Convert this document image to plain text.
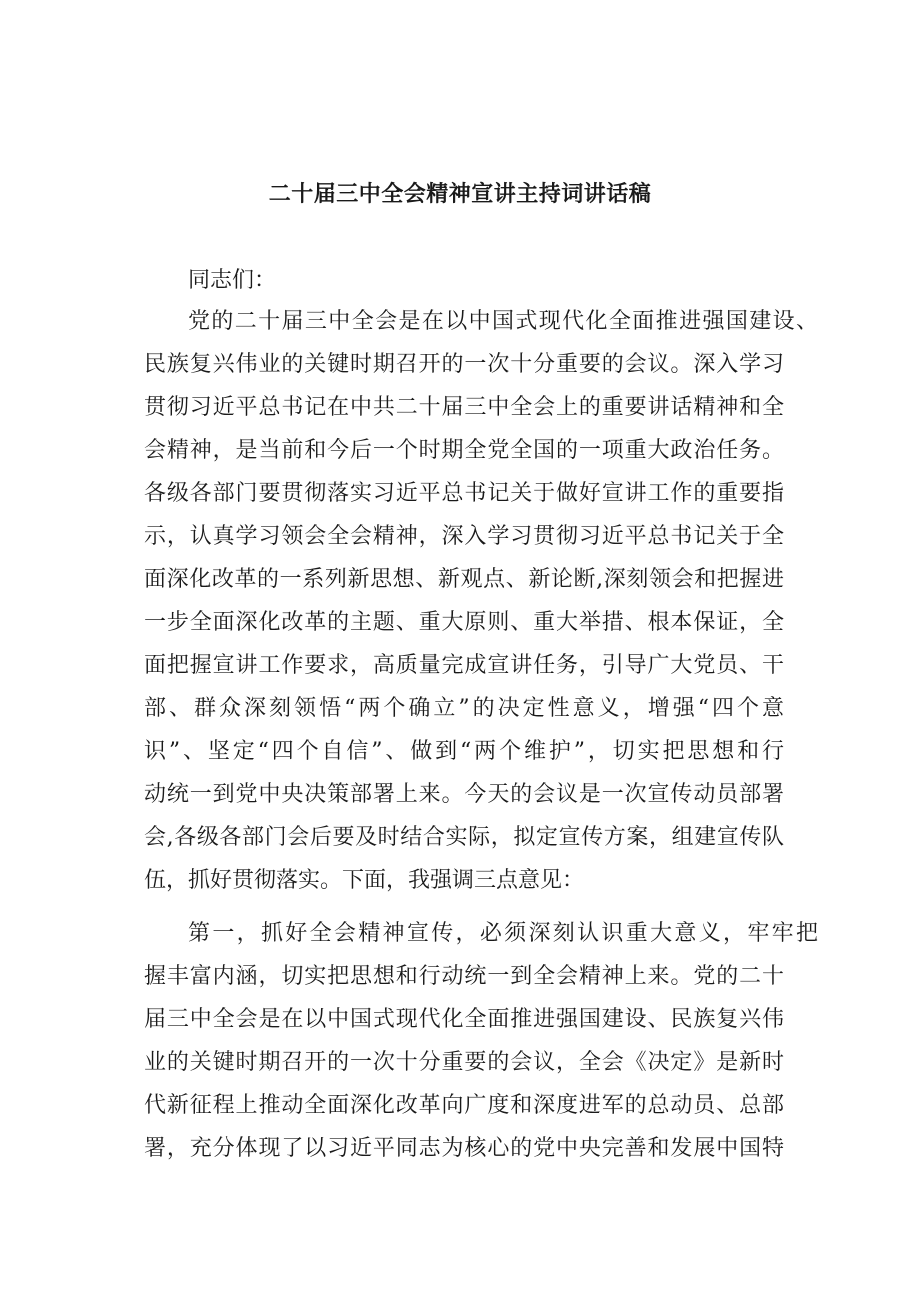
二十届三中全会精神宣讲主持词讲话稿
同志们：
党的二十届三中全会是在以中国式现代化全面推进强国建设、
民族复兴伟业的关键时期召开的一次十分重要的会议。深入学习
贯彻习近平总书记在中共二十届三中全会上的重要讲话精神和全
会精神，是当前和今后一个时期全党全国的一项重大政治任务。
各级各部门要贯彻落实习近平总书记关于做好宣讲工作的重要指
示，认真学习领会全会精神，深入学习贯彻习近平总书记关于全
面深化改革的一系列新思想、新观点、新论断,深刻领会和把握进
一步全面深化改革的主题、重大原则、重大举措、根本保证，全
面把握宣讲工作要求，高质量完成宣讲任务，引导广大党员、干
部、群众深刻领悟“两个确立”的决定性意义，增强“四个意
识”、坚定“四个自信”、做到“两个维护”，切实把思想和行
动统一到党中央决策部署上来。今天的会议是一次宣传动员部署
会,各级各部门会后要及时结合实际，拟定宣传方案，组建宣传队
伍，抓好贯彻落实。下面，我强调三点意见：
第一，抓好全会精神宣传，必须深刻认识重大意义，牢牢把
握丰富内涵，切实把思想和行动统一到全会精神上来。党的二十
届三中全会是在以中国式现代化全面推进强国建设、民族复兴伟
业的关键时期召开的一次十分重要的会议，全会《决定》是新时
代新征程上推动全面深化改革向广度和深度进军的总动员、总部
署，充分体现了以习近平同志为核心的党中央完善和发展中国特
